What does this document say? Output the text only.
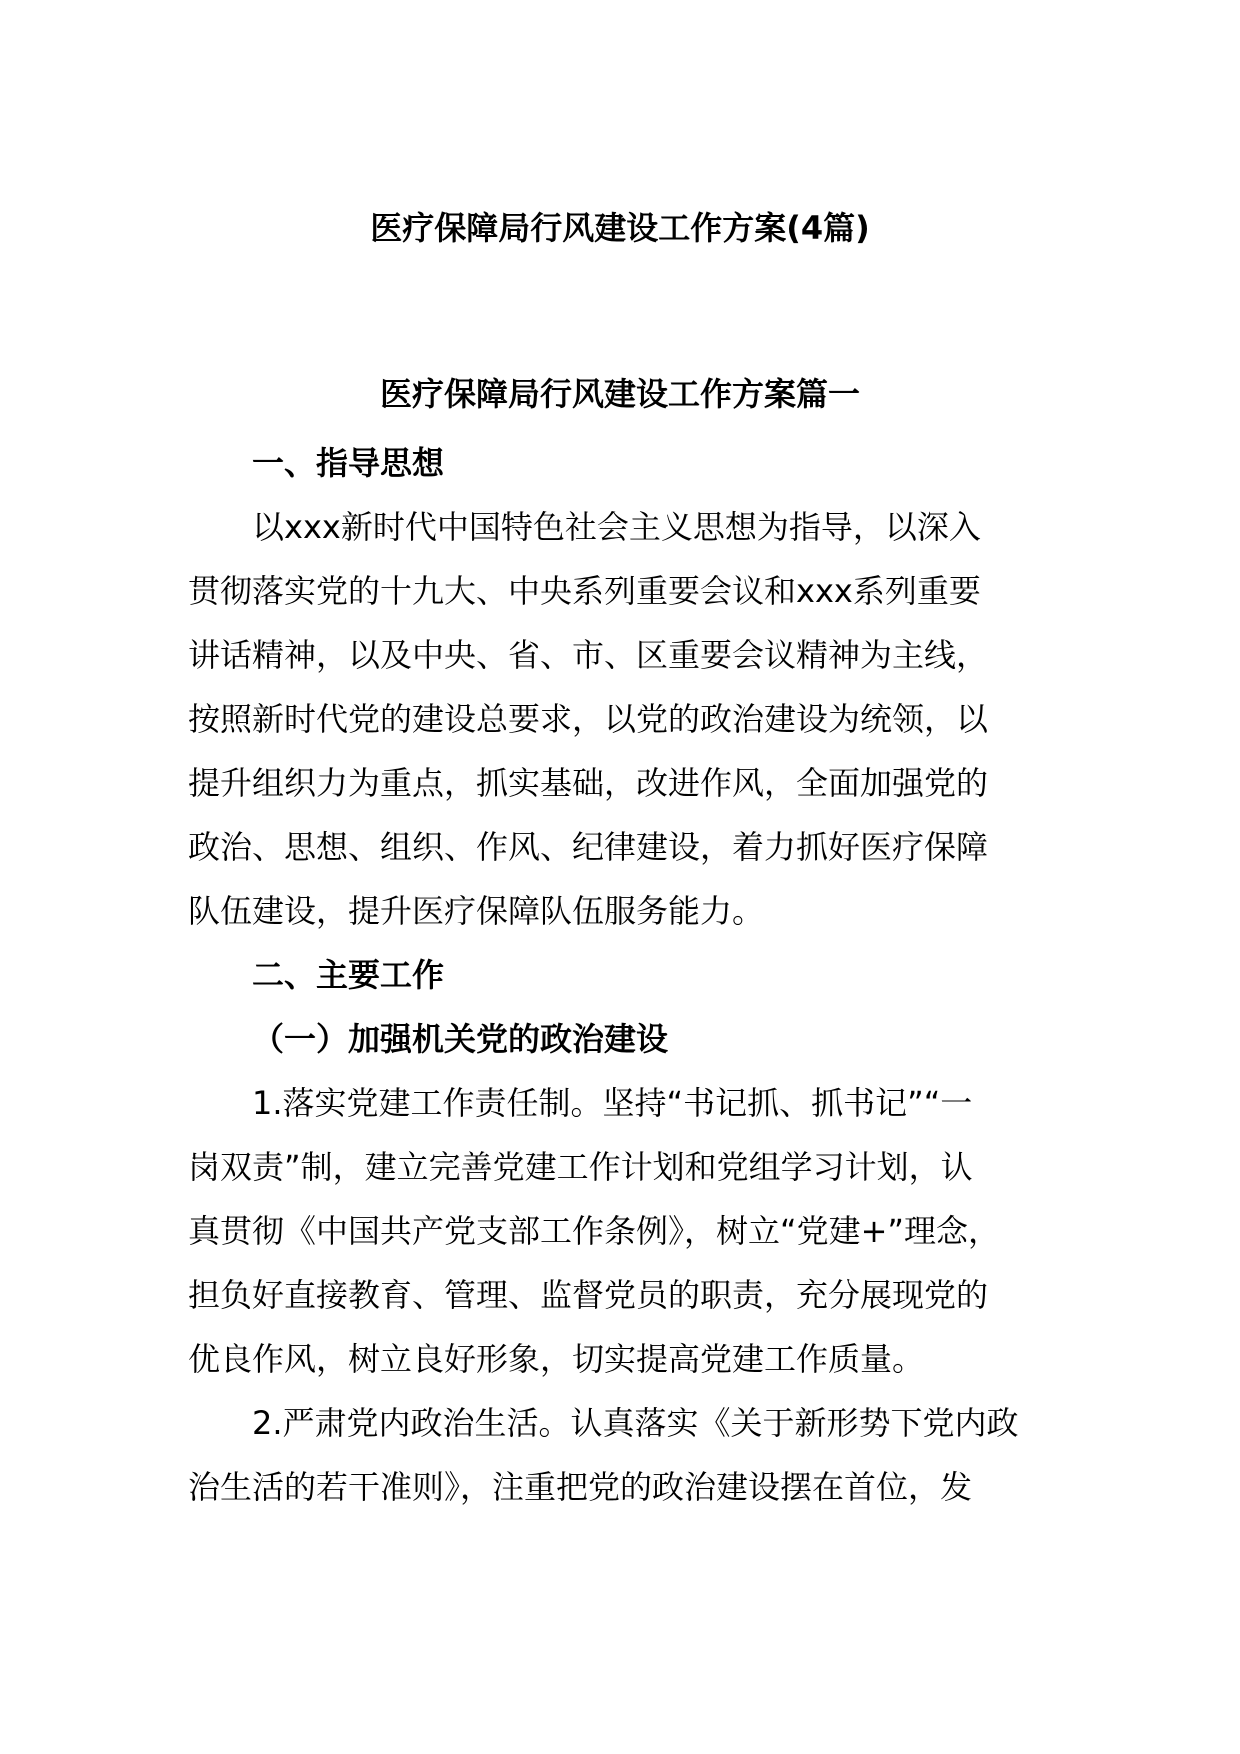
医疗保障局行风建设工作方案(4篇)
医疗保障局行风建设工作方案篇一

一、指导思想

以xxx新时代中国特色社会主义思想为指导，以深入
贯彻落实党的十九大、中央系列重要会议和xxx系列重要
讲话精神，以及中央、省、市、区重要会议精神为主线，
按照新时代党的建设总要求，以党的政治建设为统领，以
提升组织力为重点，抓实基础，改进作风，全面加强党的
政治、思想、组织、作风、纪律建设，着力抓好医疗保障
队伍建设，提升医疗保障队伍服务能力。

二、主要工作

（一）加强机关党的政治建设

1.落实党建工作责任制。坚持“书记抓、抓书记”“一
岗双责”制，建立完善党建工作计划和党组学习计划，认
真贯彻《中国共产党支部工作条例》，树立“党建+”理念，
担负好直接教育、管理、监督党员的职责，充分展现党的
优良作风，树立良好形象，切实提高党建工作质量。

2.严肃党内政治生活。认真落实《关于新形势下党内政
治生活的若干准则》，注重把党的政治建设摆在首位，发
